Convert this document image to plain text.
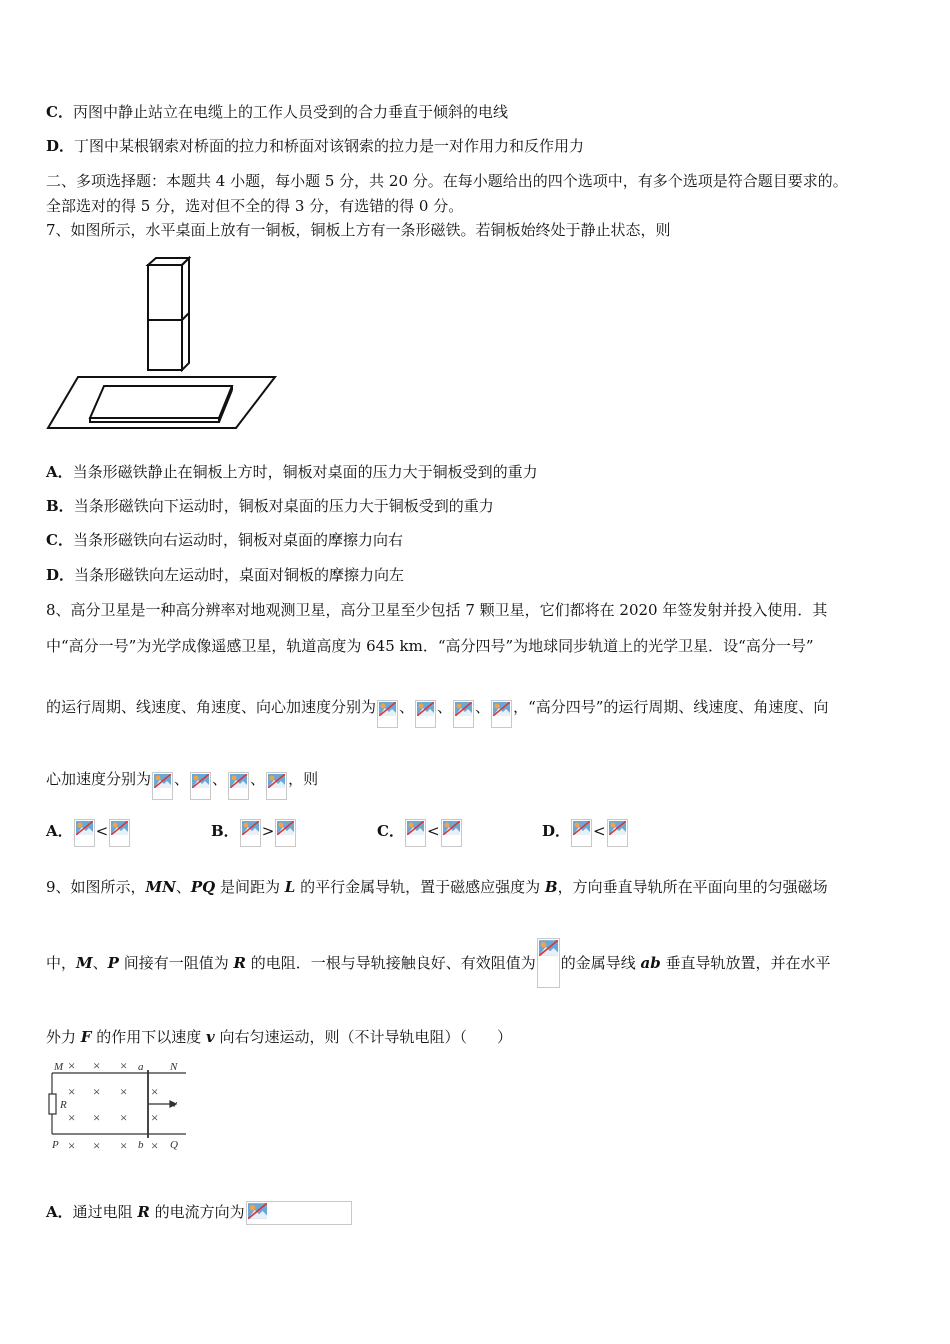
C．丙图中静止站立在电缆上的工作人员受到的合力垂直于倾斜的电线
D．丁图中某根钢索对桥面的拉力和桥面对该钢索的拉力是一对作用力和反作用力
二、多项选择题：本题共 4 小题，每小题 5 分，共 20 分。在每小题给出的四个选项中，有多个选项是符合题目要求的。
全部选对的得 5 分，选对但不全的得 3 分，有选错的得 0 分。
7、如图所示，水平桌面上放有一铜板，铜板上方有一条形磁铁。若铜板始终处于静止状态，则
A．当条形磁铁静止在铜板上方时，铜板对桌面的压力大于铜板受到的重力
B．当条形磁铁向下运动时，铜板对桌面的压力大于铜板受到的重力
C．当条形磁铁向右运动时，铜板对桌面的摩擦力向右
D．当条形磁铁向左运动时，桌面对铜板的摩擦力向左
8、高分卫星是一种高分辨率对地观测卫星，高分卫星至少包括 7 颗卫星，它们都将在 2020 年签发射并投入使用．其
中“高分一号”为光学成像遥感卫星，轨道高度为 645 km．“高分四号”为地球同步轨道上的光学卫星．设“高分一号”
的运行周期、线速度、角速度、向心加速度分别为 、 、 、 ，“高分四号”的运行周期、线速度、角速度、向
心加速度分别为 、 、 、 ，则
A． <	B． >	C． <	D． <
9、如图所示，MN、PQ 是间距为 L 的平行金属导轨，置于磁感应强度为 B，方向垂直导轨所在平面向里的匀强磁场
中，M、P 间接有一阻值为 R 的电阻．一根与导轨接触良好、有效阻值为 的金属导线 ab 垂直导轨放置，并在水平
外力 F 的作用下以速度 v 向右匀速运动，则（不计导轨电阻）（　　）
× × ×
× × × ×
× × × ×
× × × ×
M	a N
R	v
P	b Q
A．通过电阻 R 的电流方向为
